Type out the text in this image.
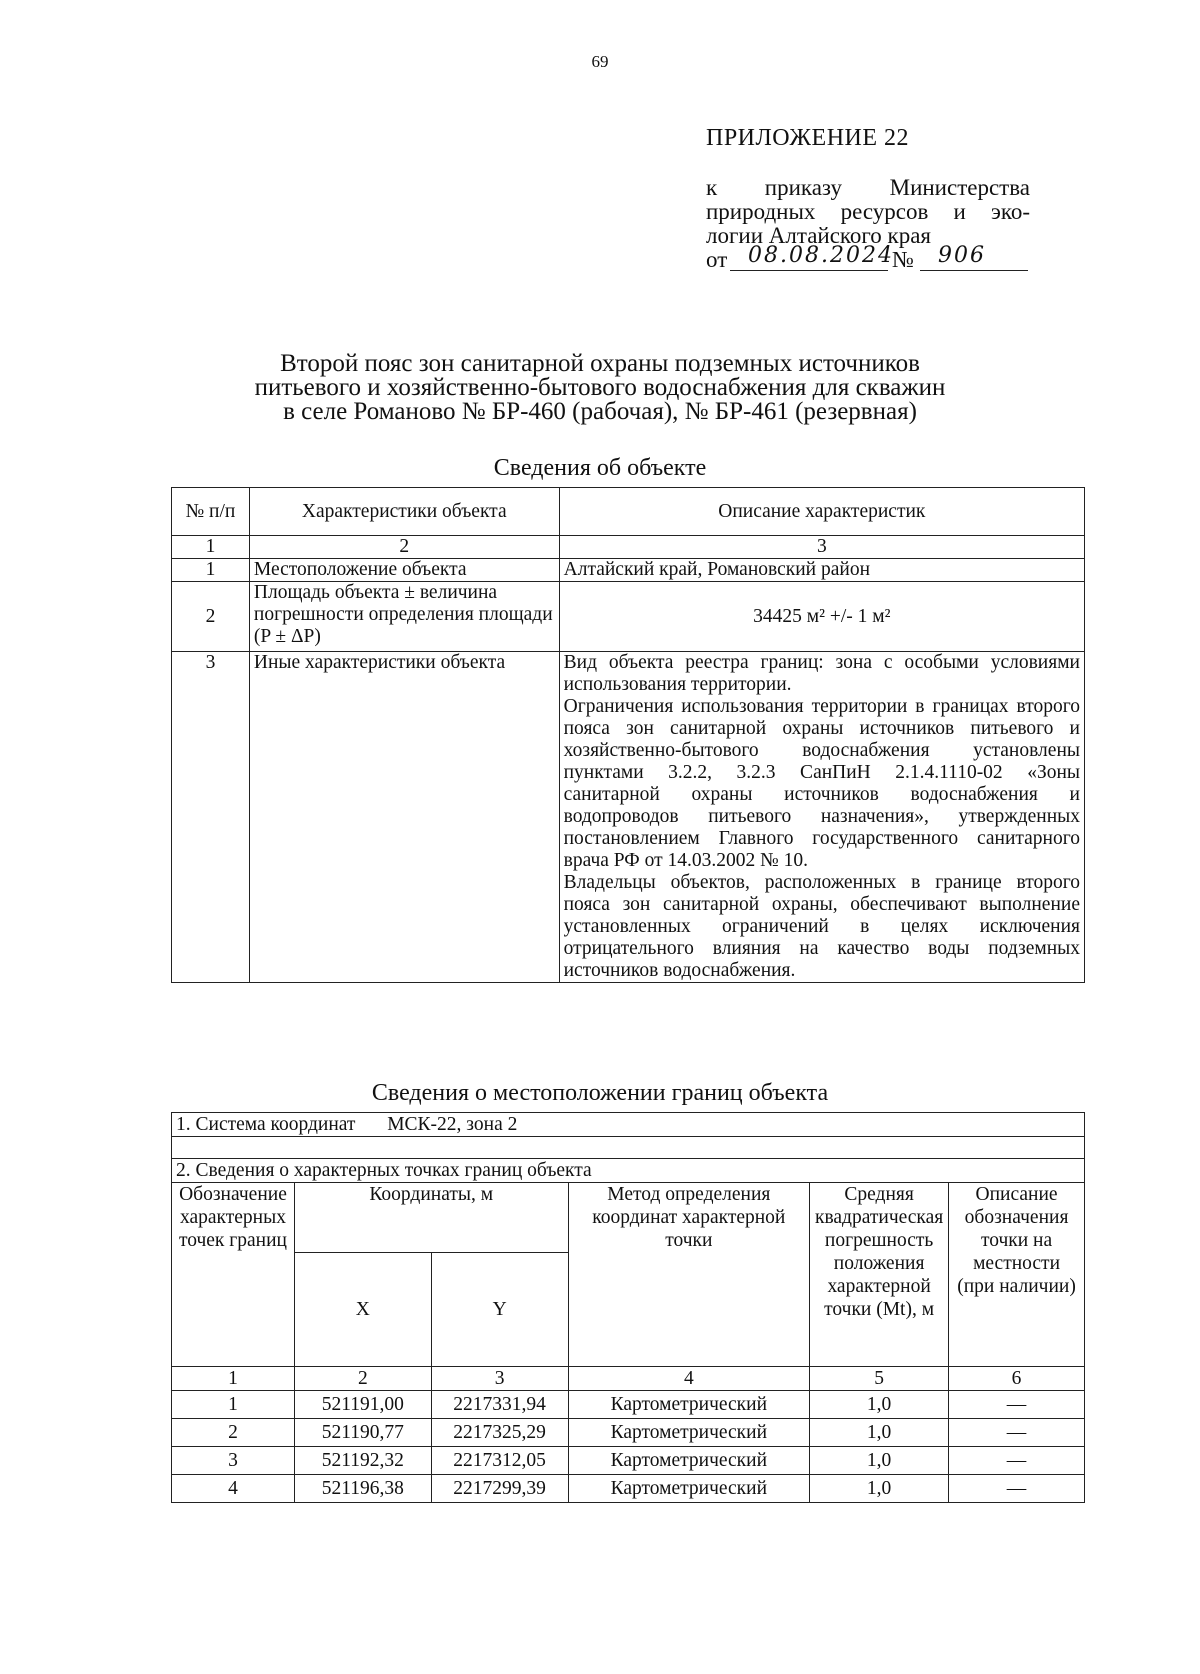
69
ПРИЛОЖЕНИЕ 22
к приказу Министерства
природных ресурсов и эко-
логии Алтайского края
от 08.08.2024
№ 906
Второй пояс зон санитарной охраны подземных источников
питьевого и хозяйственно-бытового водоснабжения для скважин
в селе Романово № БР-460 (рабочая), № БР-461 (резервная)
Сведения об объекте
№ п/п	Характеристики объекта	Описание характеристик
1	2	3
1	Местоположение объекта	Алтайский край, Романовский район
2	Площадь объекта ± величина погрешности определения площади (P ± ΔP)	34425 м² +/- 1 м²
3	Иные характеристики объекта	Вид объекта реестра границ: зона с особыми условиями использования территории.
Ограничения использования территории в границах второго пояса зон санитарной охраны источников питьевого и хозяйственно-бытового водоснабжения установлены пунктами 3.2.2, 3.2.3 СанПиН 2.1.4.1110-02 «Зоны санитарной охраны источников водоснабжения и водопроводов питьевого назначения», утвержденных постановлением Главного государственного санитарного врача РФ от 14.03.2002 № 10.
Владельцы объектов, расположенных в границе второго пояса зон санитарной охраны, обеспечивают выполнение установленных ограничений в целях исключения отрицательного влияния на качество воды подземных источников водоснабжения.
Сведения о местоположении границ объекта
1. Система координат МСК-22, зона 2					

2. Сведения о характерных точках границ объекта					
Обозначение характерных точек границ	Координаты, м		Метод определения координат характерной точки	Средняя квадратическая погрешность положения характерной точки (Mt), м	Описание обозначения точки на местности (при наличии)
	X	Y			
1	2	3	4	5	6
1	521191,00	2217331,94	Картометрический	1,0	—
2	521190,77	2217325,29	Картометрический	1,0	—
3	521192,32	2217312,05	Картометрический	1,0	—
4	521196,38	2217299,39	Картометрический	1,0	—
